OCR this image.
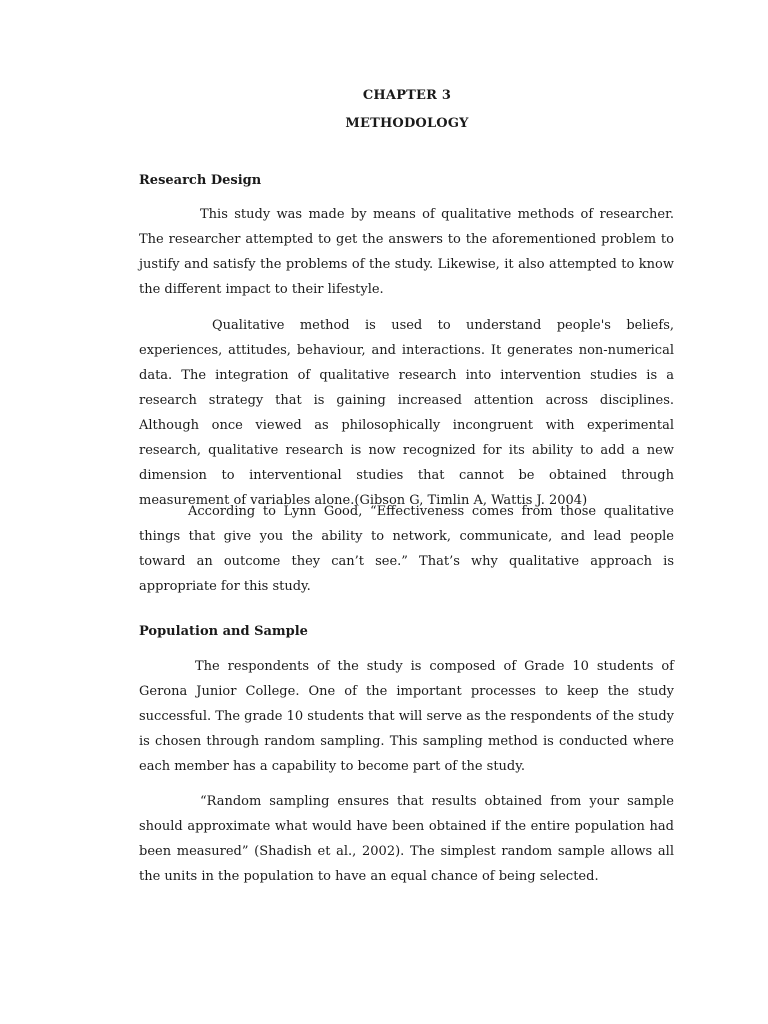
CHAPTER 3
METHODOLOGY
Research Design

This study was made by means of qualitative methods of researcher. The researcher attempted to get the answers to the aforementioned problem to justify and satisfy the problems of the study. Likewise, it also attempted to know the different impact to their lifestyle.

Qualitative method is used to understand people's beliefs, experiences, attitudes, behaviour, and interactions. It generates non-numerical data. The integration of qualitative research into intervention studies is a research strategy that is gaining increased attention across disciplines. Although once viewed as philosophically incongruent with experimental research, qualitative research is now recognized for its ability to add a new dimension to interventional studies that cannot be obtained through measurement of variables alone.(Gibson G, Timlin A, Wattis J. 2004)

According to Lynn Good, “Effectiveness comes from those qualitative things that give you the ability to network, communicate, and lead people toward an outcome they can’t see.” That’s why qualitative approach is appropriate for this study.

Population and Sample

The respondents of the study is composed of Grade 10 students of Gerona Junior College. One of the important processes to keep the study successful. The grade 10 students that will serve as the respondents of the study is chosen through random sampling. This sampling method is conducted where each member has a capability to become part of the study.

“Random sampling ensures that results obtained from your sample should approximate what would have been obtained if the entire population had been measured” (Shadish et al., 2002). The simplest random sample allows all the units in the population to have an equal chance of being selected.
